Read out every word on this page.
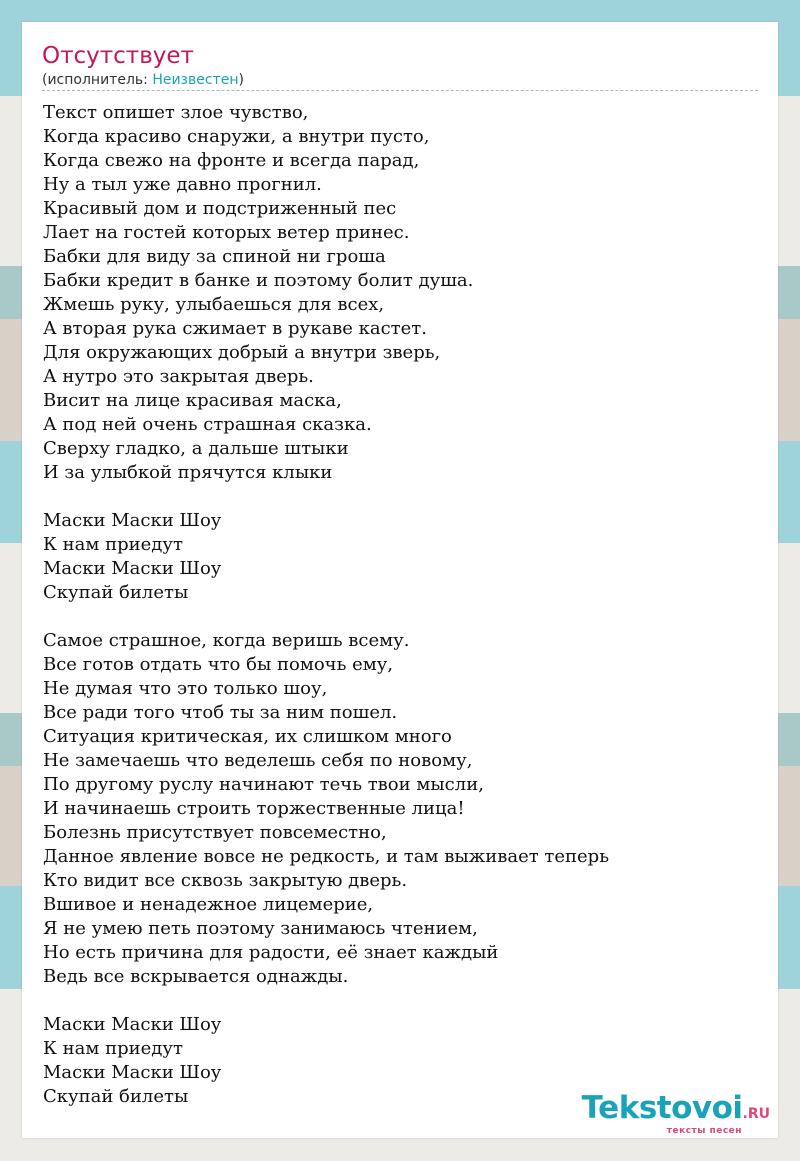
Отсутствует
(исполнитель: Неизвестен)
Текст опишет злое чувство,
Когда красиво снаружи, а внутри пусто,
Когда свежо на фронте и всегда парад,
Ну а тыл уже давно прогнил.
Красивый дом и подстриженный пес
Лает на гостей которых ветер принес.
Бабки для виду за спиной ни гроша
Бабки кредит в банке и поэтому болит душа.
Жмешь руку, улыбаешься для всех,
А вторая рука сжимает в рукаве кастет.
Для окружающих добрый а внутри зверь,
А нутро это закрытая дверь.
Висит на лице красивая маска,
А под ней очень страшная сказка.
Сверху гладко, а дальше штыки
И за улыбкой прячутся клыки
Маски Маски Шоу
К нам приедут
Маски Маски Шоу
Скупай билеты
Самое страшное, когда веришь всему.
Все готов отдать что бы помочь ему,
Не думая что это только шоу,
Все ради того чтоб ты за ним пошел.
Ситуация критическая, их слишком много
Не замечаешь что веделешь себя по новому,
По другому руслу начинают течь твои мысли,
И начинаешь строить торжественные лица!
Болезнь присутствует повсеместно,
Данное явление вовсе не редкость, и там выживает теперь
Кто видит все сквозь закрытую дверь.
Вшивое и ненадежное лицемерие,
Я не умею петь поэтому занимаюсь чтением,
Но есть причина для радости, её знает каждый
Ведь все вскрывается однажды.
Маски Маски Шоу
К нам приедут
Маски Маски Шоу
Скупай билеты	Tekstovoi.RU
тексты песен
